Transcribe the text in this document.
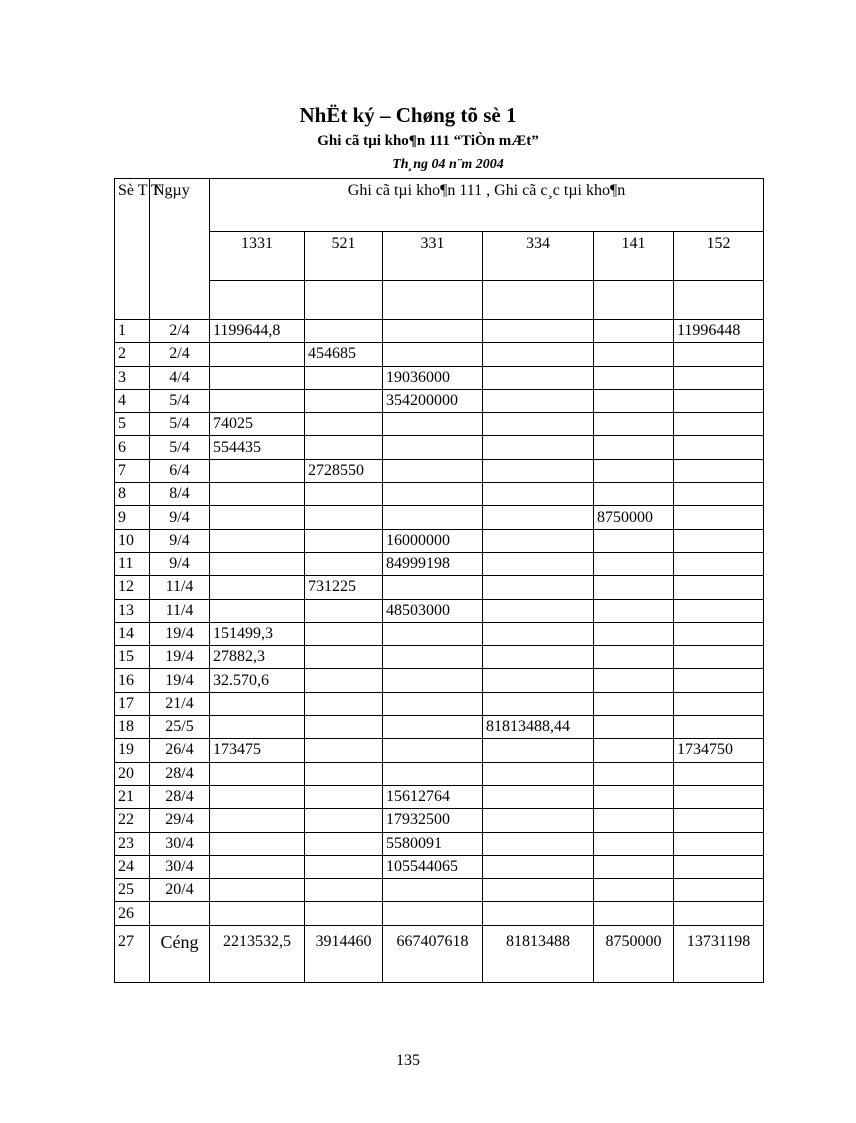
NhËt ký – Chøng tõ sè 1
Ghi cã tµi kho¶n 111 “TiÒn mÆt”
Th¸ng 04 n¨m 2004
Sè T T	Ngµy	Ghi cã tµi kho¶n 111 , Ghi cã c¸c tµi kho¶n					
		1331	521	331	334	141	152

1	2/4	1199644,8					11996448
2	2/4		454685				
3	4/4			19036000			
4	5/4			354200000			
5	5/4	74025					
6	5/4	554435					
7	6/4		2728550				
8	8/4						
9	9/4					8750000	
10	9/4			16000000			
11	9/4			84999198			
12	11/4		731225				
13	11/4			48503000			
14	19/4	151499,3					
15	19/4	27882,3					
16	19/4	32.570,6					
17	21/4						
18	25/5				81813488,44		
19	26/4	173475					1734750
20	28/4						
21	28/4			15612764			
22	29/4			17932500			
23	30/4			5580091			
24	30/4			105544065			
25	20/4						
26							
27	Céng	2213532,5	3914460	667407618	81813488	8750000	13731198
135
